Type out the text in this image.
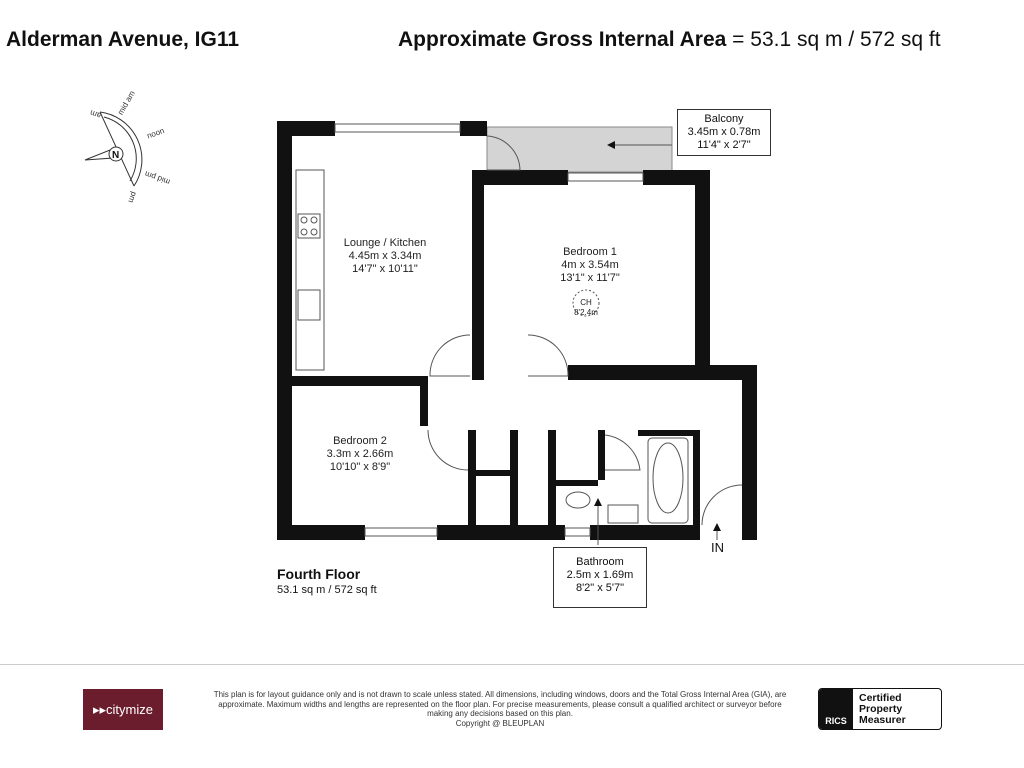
Alderman Avenue, IG11	Approximate Gross Internal Area = 53.1 sq m / 572 sq ft
N
am mid am
noon
mid pm
pm
Lounge / Kitchen
4.45m x 3.34m
14'7" x 10'11"
Bedroom 1
4m x 3.54m
13'1" x 11'7"
CH
8'2.4m
Bedroom 2
3.3m x 2.66m
10'10" x 8'9"
Balcony
3.45m x 0.78m
11'4" x 2'7"
Bathroom
2.5m x 1.69m
8'2" x 5'7"
IN
Fourth Floor
53.1 sq m / 572 sq ft
▸▸ citymize
This plan is for layout guidance only and is not drawn to scale unless stated. All dimensions, including windows, doors and the Total Gross Internal Area (GIA), are approximate. Maximum widths and lengths are represented on the floor plan. For precise measurements, please consult a qualified architect or surveyor before making any decisions based on this plan.
Copyright @ BLEUPLAN	RICS
Certified
Property
Measurer
